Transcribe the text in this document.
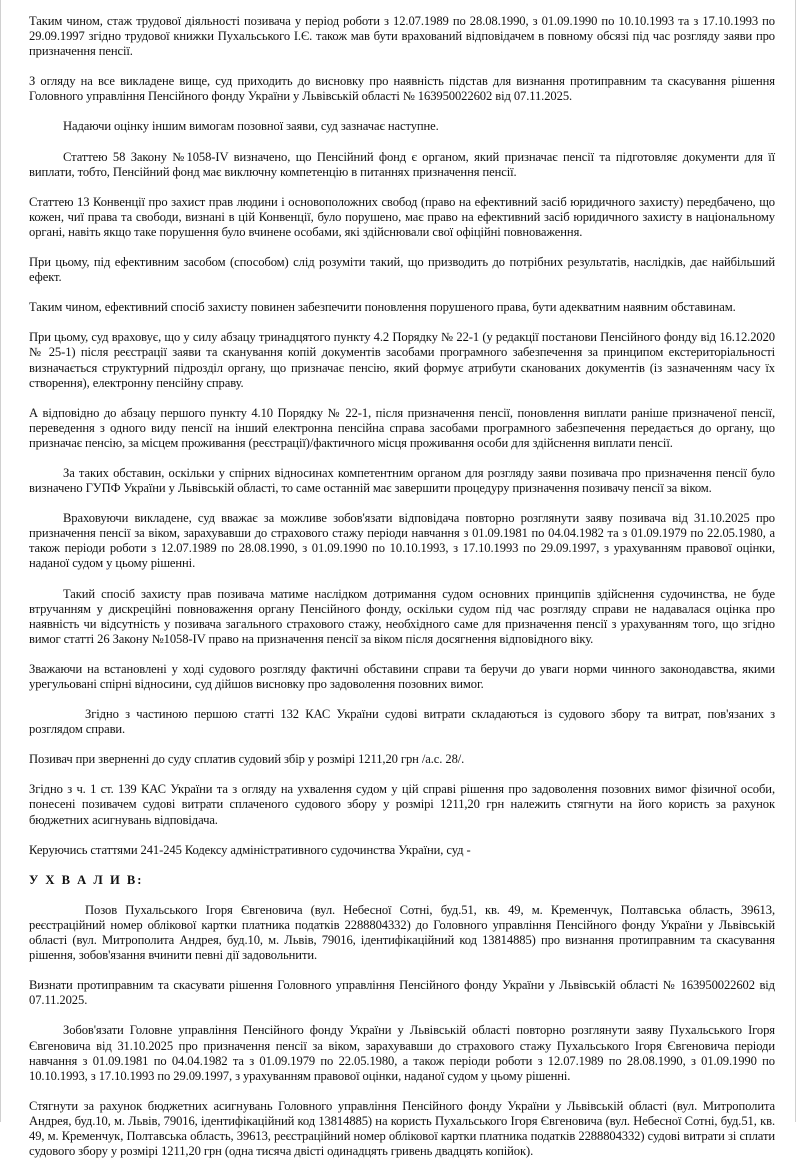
Таким чином, стаж трудової діяльності позивача у період роботи з 12.07.1989 по 28.08.1990, з 01.09.1990 по 10.10.1993 та з 17.10.1993 по 29.09.1997 згідно трудової книжки Пухальського І.Є. також мав бути врахований відповідачем в повному обсязі під час розгляду заяви про призначення пенсії.

З огляду на все викладене вище, суд приходить до висновку про наявність підстав для визнання протиправним та скасування рішення Головного управління Пенсійного фонду України у Львівській області № 163950022602 від 07.11.2025.

Надаючи оцінку іншим вимогам позовної заяви, суд зазначає наступне.

Статтею 58 Закону №1058-IV визначено, що Пенсійний фонд є органом, який призначає пенсії та підготовляє документи для її виплати, тобто, Пенсійний фонд має виключну компетенцію в питаннях призначення пенсії.

Статтею 13 Конвенції про захист прав людини і основоположних свобод (право на ефективний засіб юридичного захисту) передбачено, що кожен, чиї права та свободи, визнані в цій Конвенції, було порушено, має право на ефективний засіб юридичного захисту в національному органі, навіть якщо таке порушення було вчинене особами, які здійснювали свої офіційні повноваження.

При цьому, під ефективним засобом (способом) слід розуміти такий, що призводить до потрібних результатів, наслідків, дає найбільший ефект.

Таким чином, ефективний спосіб захисту повинен забезпечити поновлення порушеного права, бути адекватним наявним обставинам.

При цьому, суд враховує, що у силу абзацу тринадцятого пункту 4.2 Порядку № 22-1 (у редакції постанови Пенсійного фонду від 16.12.2020 № 25-1) після реєстрації заяви та сканування копій документів засобами програмного забезпечення за принципом екстериторіальності визначається структурний підрозділ органу, що призначає пенсію, який формує атрибути сканованих документів (із зазначенням часу їх створення), електронну пенсійну справу.

А відповідно до абзацу першого пункту 4.10 Порядку № 22-1, після призначення пенсії, поновлення виплати раніше призначеної пенсії, переведення з одного виду пенсії на інший електронна пенсійна справа засобами програмного забезпечення передається до органу, що призначає пенсію, за місцем проживання (реєстрації)/фактичного місця проживання особи для здійснення виплати пенсії.

За таких обставин, оскільки у спірних відносинах компетентним органом для розгляду заяви позивача про призначення пенсії було визначено ГУПФ України у Львівській області, то саме останній має завершити процедуру призначення позивачу пенсії за віком.

Враховуючи викладене, суд вважає за можливе зобов'язати відповідача повторно розглянути заяву позивача від 31.10.2025 про призначення пенсії за віком, зарахувавши до страхового стажу періоди навчання з 01.09.1981 по 04.04.1982 та з 01.09.1979 по 22.05.1980, а також періоди роботи з 12.07.1989 по 28.08.1990, з 01.09.1990 по 10.10.1993, з 17.10.1993 по 29.09.1997, з урахуванням правової оцінки, наданої судом у цьому рішенні.

Такий спосіб захисту прав позивача матиме наслідком дотримання судом основних принципів здійснення судочинства, не буде втручанням у дискреційні повноваження органу Пенсійного фонду, оскільки судом під час розгляду справи не надавалася оцінка про наявність чи відсутність у позивача загального страхового стажу, необхідного саме для призначення пенсії з урахуванням того, що згідно вимог статті 26 Закону №1058-IV право на призначення пенсії за віком після досягнення відповідного віку.

Зважаючи на встановлені у ході судового розгляду фактичні обставини справи та беручи до уваги норми чинного законодавства, якими урегульовані спірні відносини, суд дійшов висновку про задоволення позовних вимог.

Згідно з частиною першою статті 132 КАС України судові витрати складаються із судового збору та витрат, пов'язаних з розглядом справи.

Позивач при зверненні до суду сплатив судовий збір у розмірі 1211,20 грн /а.с. 28/.

Згідно з ч. 1 ст. 139 КАС України та з огляду на ухвалення судом у цій справі рішення про задоволення позовних вимог фізичної особи, понесені позивачем судові витрати сплаченого судового збору у розмірі 1211,20 грн належить стягнути на його користь за рахунок бюджетних асигнувань відповідача.

Керуючись статтями 241-245 Кодексу адміністративного судочинства України, суд -

У Х В А Л И В:

Позов Пухальського Ігоря Євгеновича (вул. Небесної Сотні, буд.51, кв. 49, м. Кременчук, Полтавська область, 39613, реєстраційний номер облікової картки платника податків 2288804332) до Головного управління Пенсійного фонду України у Львівській області (вул. Митрополита Андрея, буд.10, м. Львів, 79016, ідентифікаційний код 13814885) про визнання протиправним та скасування рішення, зобов'язання вчинити певні дії задовольнити.

Визнати протиправним та скасувати рішення Головного управління Пенсійного фонду України у Львівській області № 163950022602 від 07.11.2025.

Зобов'язати Головне управління Пенсійного фонду України у Львівській області повторно розглянути заяву Пухальського Ігоря Євгеновича від 31.10.2025 про призначення пенсії за віком, зарахувавши до страхового стажу Пухальського Ігоря Євгеновича періоди навчання з 01.09.1981 по 04.04.1982 та з 01.09.1979 по 22.05.1980, а також періоди роботи з 12.07.1989 по 28.08.1990, з 01.09.1990 по 10.10.1993, з 17.10.1993 по 29.09.1997, з урахуванням правової оцінки, наданої судом у цьому рішенні.

Стягнути за рахунок бюджетних асигнувань Головного управління Пенсійного фонду України у Львівській області (вул. Митрополита Андрея, буд.10, м. Львів, 79016, ідентифікаційний код 13814885) на користь Пухальського Ігоря Євгеновича (вул. Небесної Сотні, буд.51, кв. 49, м. Кременчук, Полтавська область, 39613, реєстраційний номер облікової картки платника податків 2288804332) судові витрати зі сплати судового збору у розмірі 1211,20 грн (одна тисяча двісті одинадцять гривень двадцять копійок).
